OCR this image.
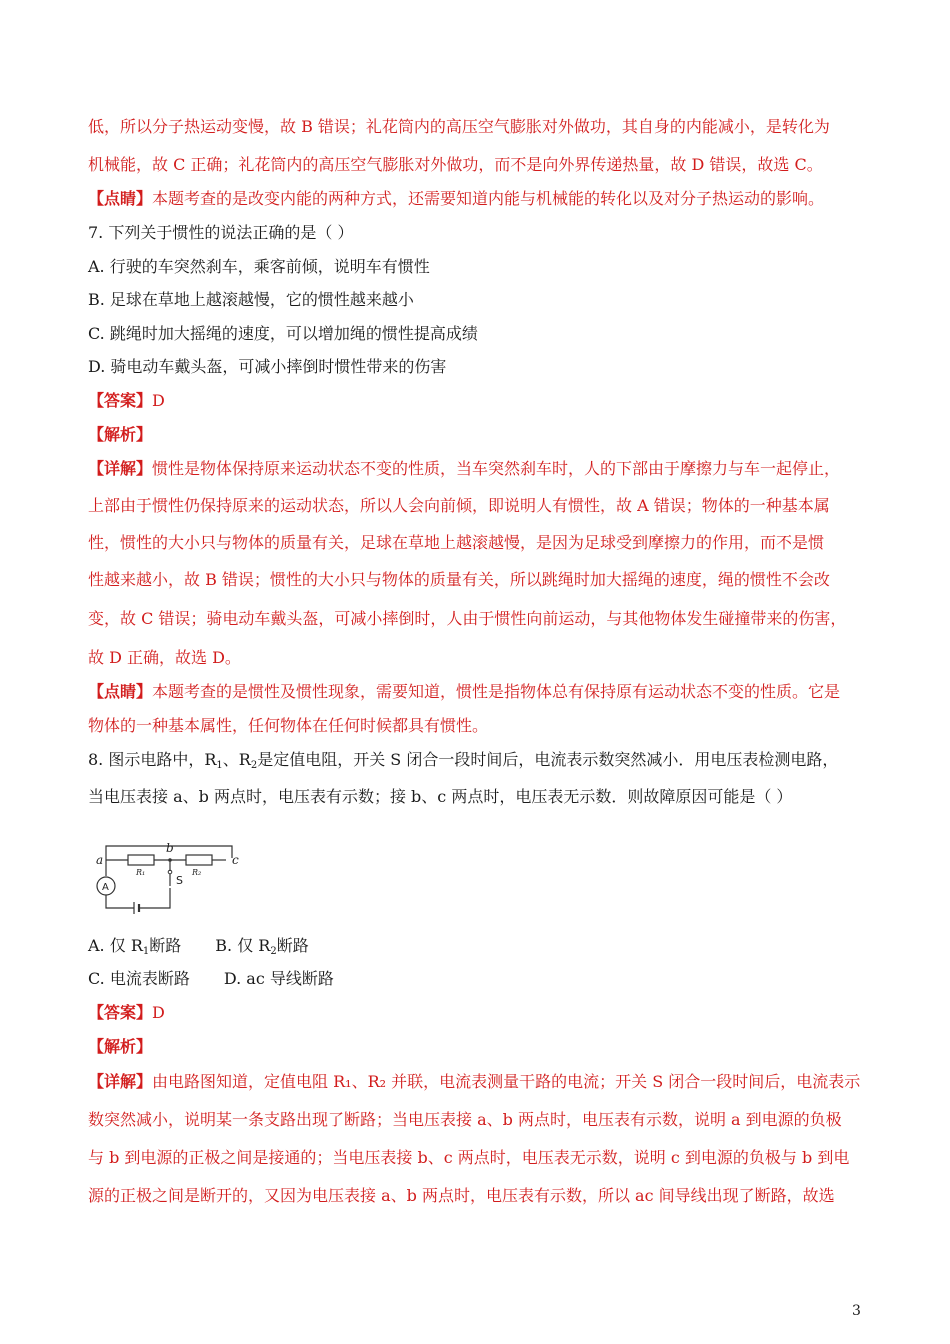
低，所以分子热运动变慢，故 B 错误；礼花筒内的高压空气膨胀对外做功，其自身的内能减小，是转化为
机械能，故 C 正确；礼花筒内的高压空气膨胀对外做功，而不是向外界传递热量，故 D 错误，故选 C。
【点睛】本题考查的是改变内能的两种方式，还需要知道内能与机械能的转化以及对分子热运动的影响。
7. 下列关于惯性的说法正确的是（ ）
A. 行驶的车突然刹车，乘客前倾，说明车有惯性
B. 足球在草地上越滚越慢，它的惯性越来越小
C. 跳绳时加大摇绳的速度，可以增加绳的惯性提高成绩
D. 骑电动车戴头盔，可减小摔倒时惯性带来的伤害
【答案】D
【解析】
【详解】惯性是物体保持原来运动状态不变的性质，当车突然刹车时，人的下部由于摩擦力与车一起停止，
上部由于惯性仍保持原来的运动状态，所以人会向前倾，即说明人有惯性，故 A 错误；物体的一种基本属
性，惯性的大小只与物体的质量有关，足球在草地上越滚越慢，是因为足球受到摩擦力的作用，而不是惯
性越来越小，故 B 错误；惯性的大小只与物体的质量有关，所以跳绳时加大摇绳的速度，绳的惯性不会改
变，故 C 错误；骑电动车戴头盔，可减小摔倒时，人由于惯性向前运动，与其他物体发生碰撞带来的伤害，
故 D 正确，故选 D。
【点睛】本题考查的是惯性及惯性现象，需要知道，惯性是指物体总有保持原有运动状态不变的性质。它是
物体的一种基本属性，任何物体在任何时候都具有惯性。
8. 图示电路中，$R_1$、$R_2$是定值电阻，开关 S 闭合一段时间后，电流表示数突然减小．用电压表检测电路，
当电压表接 a、b 两点时，电压表有示数；接 b、c 两点时，电压表无示数．则故障原因可能是（ ）
a
b
c
R₁	R₂
S
A
A. 仅 $R_1$断路 B. 仅 $R_2$断路
C. 电流表断路 D. ac 导线断路
【答案】D
【解析】
【详解】由电路图知道，定值电阻 R₁、R₂ 并联，电流表测量干路的电流；开关 S 闭合一段时间后，电流表示
数突然减小，说明某一条支路出现了断路；当电压表接 a、b 两点时，电压表有示数，说明 a 到电源的负极
与 b 到电源的正极之间是接通的；当电压表接 b、c 两点时，电压表无示数，说明 c 到电源的负极与 b 到电
源的正极之间是断开的，又因为电压表接 a、b 两点时，电压表有示数，所以 ac 间导线出现了断路，故选
3
